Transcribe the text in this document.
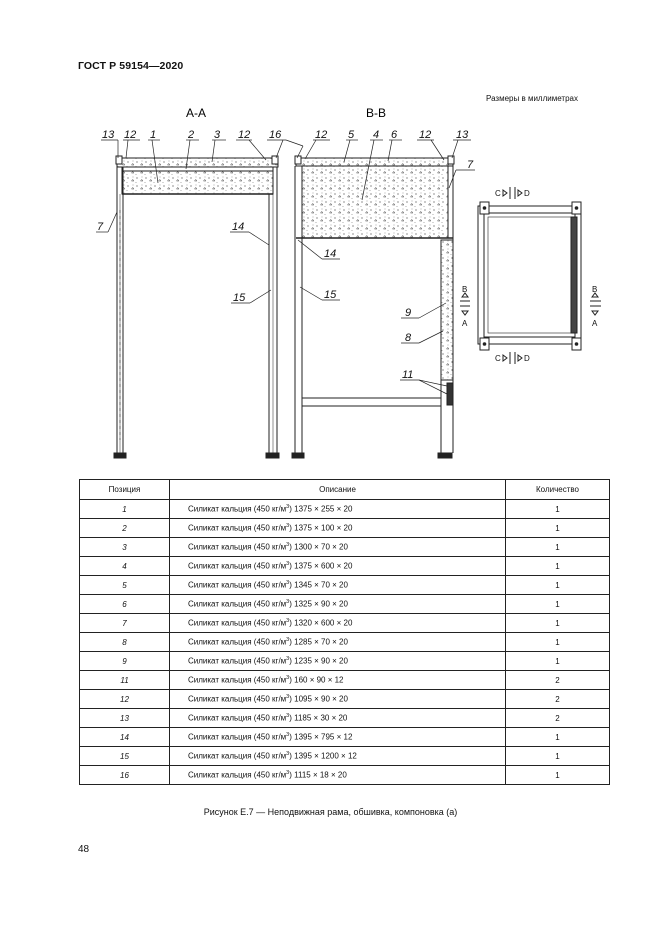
ГОСТ Р 59154—2020
Размеры в миллиметрах
А-А	В-В
13 12 1	2 3 12 16
14
15
7
12 5 4 6 12 13
7
14
15
9
8
11
C	D
C	D
B
A
B
A
Позиция	Описание	Количество
1	Силикат кальция (450 $кг/м^3$) 1375 × 255 × 20	1
2	Силикат кальция (450 $кг/м^3$) 1375 × 100 × 20	1
3	Силикат кальция (450 $кг/м^3$) 1300 × 70 × 20	1
4	Силикат кальция (450 $кг/м^3$) 1375 × 600 × 20	1
5	Силикат кальция (450 $кг/м^3$) 1345 × 70 × 20	1
6	Силикат кальция (450 $кг/м^3$) 1325 × 90 × 20	1
7	Силикат кальция (450 $кг/м^3$) 1320 × 600 × 20	1
8	Силикат кальция (450 $кг/м^3$) 1285 × 70 × 20	1
9	Силикат кальция (450 $кг/м^3$) 1235 × 90 × 20	1
11	Силикат кальция (450 $кг/м^3$) 160 × 90 × 12	2
12	Силикат кальция (450 $кг/м^3$) 1095 × 90 × 20	2
13	Силикат кальция (450 $кг/м^3$) 1185 × 30 × 20	2
14	Силикат кальция (450 $кг/м^3$) 1395 × 795 × 12	1
15	Силикат кальция (450 $кг/м^3$) 1395 × 1200 × 12	1
16	Силикат кальция (450 $кг/м^3$) 1115 × 18 × 20	1
Рисунок Е.7 — Неподвижная рама, обшивка, компоновка (а)
48
